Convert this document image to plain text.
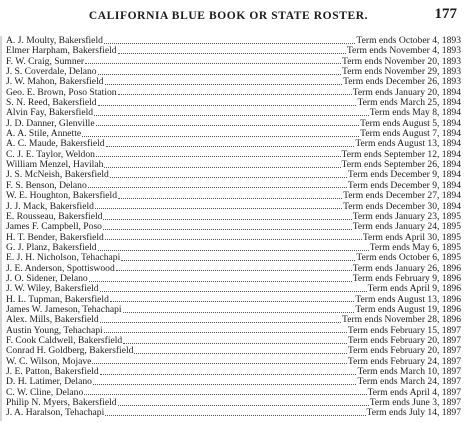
CALIFORNIA BLUE BOOK OR STATE ROSTER.	177
A. J. Moulty, Bakersfield	Term ends October 4, 1893
Elmer Harpham, Bakersfield	Term ends November 4, 1893
F. W. Craig, Sumner	Term ends November 20, 1893
J. S. Coverdale, Delano	Term ends November 29, 1893
J. W. Mahon, Bakersfield	Term ends December 26, 1893
Geo. E. Brown, Poso Station	Term ends January 20, 1894
S. N. Reed, Bakersfield	Term ends March 25, 1894
Alvin Fay, Bakersfield	Term ends May 8, 1894
J. D. Danner, Glenville	Term ends August 5, 1894
A. A. Stile, Annette	Term ends August 7, 1894
A. C. Maude, Bakersfield	Term ends August 13, 1894
C. J. E. Taylor, Weldon	Term ends September 12, 1894
William Menzel, Havilah	Term ends September 26, 1894
J. S. McNeish, Bakersfield	Term ends December 9, 1894
F. S. Benson, Delano	Term ends December 9, 1894
W. E. Houghton, Bakersfield	Term ends December 27, 1894
J. J. Mack, Bakersfield	Term ends December 30, 1894
E. Rousseau, Bakersfield	Term ends January 23, 1895
James F. Campbell, Poso	Term ends January 24, 1895
H. T. Bender, Bakersfield	Term ends April 30, 1895
G. J. Planz, Bakersfield	Term ends May 6, 1895
E. J. H. Nicholson, Tehachapi	Term ends October 6, 1895
J. E. Anderson, Spottiswood	Term ends January 26, 1896
J. O. Sidener, Delano	Term ends February 9, 1896
J. W. Wiley, Bakersfield	Term ends April 9, 1896
H. L. Tupman, Bakersfield	Term ends August 13, 1896
James W. Jameson, Tehachapi	Term ends August 19, 1896
Alex. Mills, Bakersfield	Term ends November 28, 1896
Austin Young, Tehachapi	Term ends February 15, 1897
F. Cook Caldwell, Bakersfield	Term ends February 20, 1897
Conrad H. Goldberg, Bakersfield	Term ends February 20, 1897
W. C. Wilson, Mojave	Term ends February 24, 1897
J. E. Patton, Bakersfield	Term ends March 10, 1897
D. H. Latimer, Delano	Term ends March 24, 1897
C. W. Cline, Delano	Term ends April 4, 1897
Philip N. Myers, Bakersfield	Term ends June 3, 1897
J. A. Haralson, Tehachapi	Term ends July 14, 1897
